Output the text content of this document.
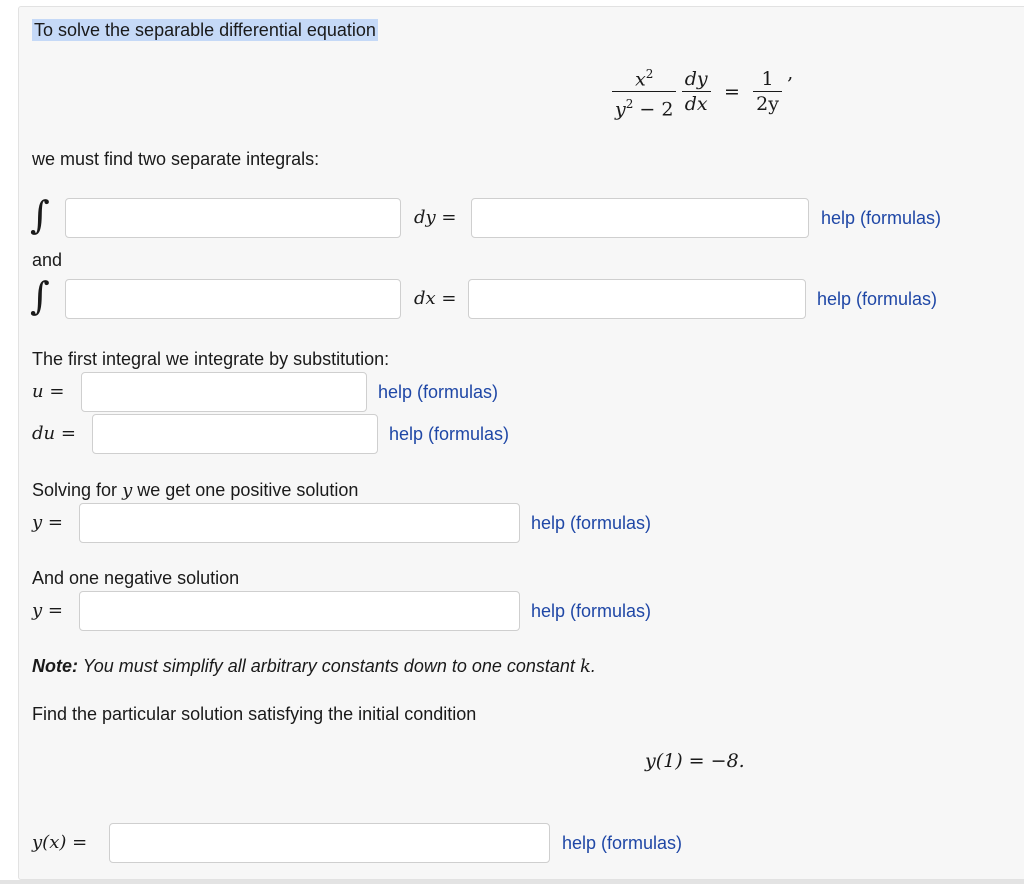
To solve the separable differential equation
$\frac{x^2}{y^2 - 2}$
$\frac{dy}{dx} = \frac{1}{2y}$ ,
we must find two separate integrals:
∫	dy =	help (formulas)
and
∫	dx =	help (formulas)
The first integral we integrate by substitution:
u =	help (formulas)
du =	help (formulas)
Solving for y we get one positive solution
y =	help (formulas)
And one negative solution
y =	help (formulas)
Note: You must simplify all arbitrary constants down to one constant k.
Find the particular solution satisfying the initial condition
y(1) = −8.
y(x) =	help (formulas)
